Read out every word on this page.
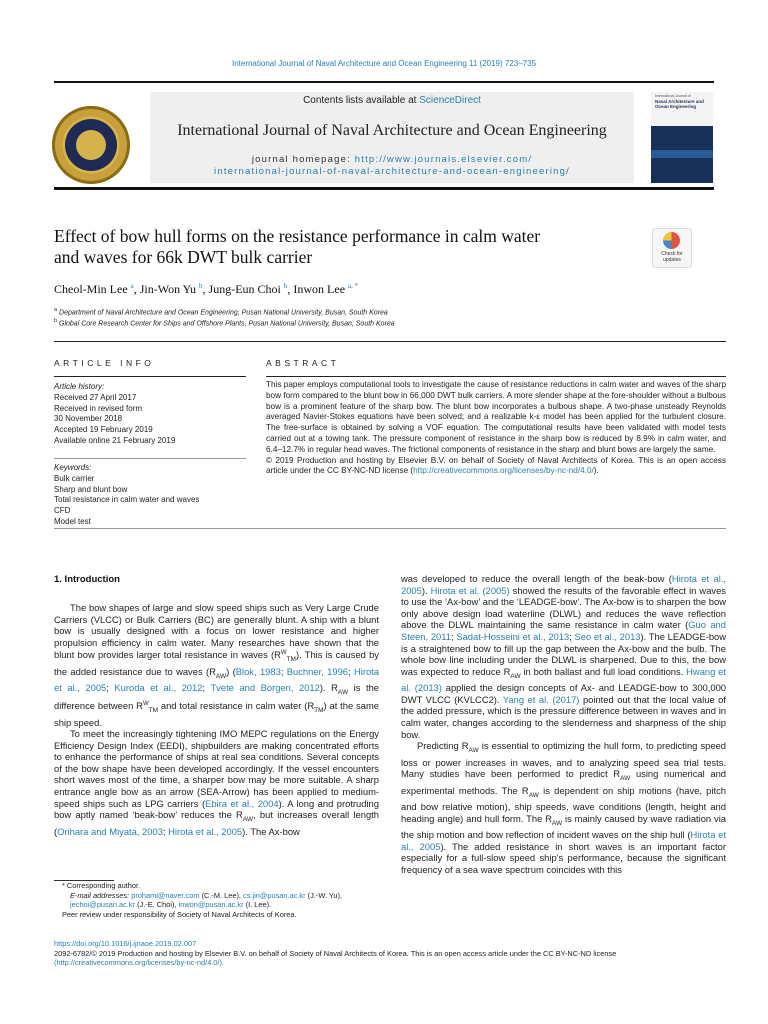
International Journal of Naval Architecture and Ocean Engineering 11 (2019) 723–735
Contents lists available at ScienceDirect
International Journal of Naval Architecture and Ocean Engineering
journal homepage: http://www.journals.elsevier.com/
international-journal-of-naval-architecture-and-ocean-engineering/
International Journal of
Naval Architecture and Ocean Engineering
Effect of bow hull forms on the resistance performance in calm water
and waves for 66k DWT bulk carrier	Check for
updates
Cheol-Min Lee $^a$, Jin-Won Yu $^b$, Jung-Eun Choi $^b$, Inwon Lee $^{a, *}$
$^a$ Department of Naval Architecture and Ocean Engineering, Pusan National University, Busan, South Korea
$^b$ Global Core Research Center for Ships and Offshore Plants, Pusan National University, Busan, South Korea
ARTICLE INFO
Article history:
Received 27 April 2017
Received in revised form
30 November 2018
Accepted 19 February 2019
Available online 21 February 2019
Keywords:
Bulk carrier
Sharp and blunt bow
Total resistance in calm water and waves
CFD
Model test
ABSTRACT
This paper employs computational tools to investigate the cause of resistance reductions in calm water and waves of the sharp bow form compared to the blunt bow in 66,000 DWT bulk carriers. A more slender shape at the fore-shoulder without a bulbous bow is a prominent feature of the sharp bow. The blunt bow incorporates a bulbous shape. A two-phase unsteady Reynolds averaged Navier-Stokes equations have been solved; and a realizable k-ε model has been applied for the turbulent closure. The free-surface is obtained by solving a VOF equation. The computational results have been validated with model tests carried out at a towing tank. The pressure component of resistance in the sharp bow is reduced by 8.9% in calm water, and 6.4–12.7% in regular head waves. The frictional components of resistance in the sharp and blunt bows are largely the same.
© 2019 Production and hosting by Elsevier B.V. on behalf of Society of Naval Architects of Korea. This is an open access article under the CC BY-NC-ND license (http://creativecommons.org/licenses/by-nc-nd/4.0/).
1. Introduction

The bow shapes of large and slow speed ships such as Very Large Crude Carriers (VLCC) or Bulk Carriers (BC) are generally blunt. A ship with a blunt bow is usually designed with a focus on lower resistance and higher propulsion efficiency in calm water. Many researches have shown that the blunt bow provides larger total resistance in waves $(R^W_{TM})$. This is caused by the added resistance due to waves $(R_{AW})$ (Blok, 1983; Buchner, 1996; Hirota et al., 2005; Kuroda et al., 2012; Tvete and Borgen, 2012). $R_{AW}$ is the difference between $R^W_{TM}$ and total resistance in calm water $(R_{TM})$ at the same ship speed.

To meet the increasingly tightening IMO MEPC regulations on the Energy Efficiency Design Index (EEDI), shipbuilders are making concentrated efforts to enhance the performance of ships at real sea conditions. Several concepts of the bow shape have been developed accordingly. If the vessel encounters short waves most of the time, a sharper bow may be more suitable. A sharp entrance angle bow as an arrow (SEA-Arrow) has been applied to medium-speed ships such as LPG carriers (Ebira et al., 2004). A long and protruding bow aptly named ‘beak-bow’ reduces the $R_{AW}$, but increases overall length (Orihara and Miyata, 2003; Hirota et al., 2005). The Ax-bow

was developed to reduce the overall length of the beak-bow (Hirota et al., 2005). Hirota et al. (2005) showed the results of the favorable effect in waves to use the ‘Ax-bow’ and the ‘LEADGE-bow’. The Ax-bow is to sharpen the bow only above design load waterline (DLWL) and reduces the wave reflection above the DLWL maintaining the same resistance in calm water (Guo and Steen, 2011; Sadat-Hosseini et al., 2013; Seo et al., 2013). The LEADGE-bow is a straightened bow to fill up the gap between the Ax-bow and the bulb. The whole bow line including under the DLWL is sharpened. Due to this, the bow was expected to reduce $R_{AW}$ in both ballast and full load conditions. Hwang et al. (2013) applied the design concepts of Ax- and LEADGE-bow to 300,000 DWT VLCC (KVLCC2). Yang et al. (2017) pointed out that the local value of the added pressure, which is the pressure difference between in waves and in calm water, changes according to the slenderness and sharpness of the ship bow.

Predicting $R_{AW}$ is essential to optimizing the hull form, to predicting speed loss or power increases in waves, and to analyzing speed sea trial tests. Many studies have been performed to predict $R_{AW}$ using numerical and experimental methods. The $R_{AW}$ is dependent on ship motions (have, pitch and bow relative motion), ship speeds, wave conditions (length, height and heading angle) and hull form. The $R_{AW}$ is mainly caused by wave radiation via the ship motion and bow reflection of incident waves on the ship hull (Hirota et al., 2005). The added resistance in short waves is an important factor especially for a full-slow speed ship's performance, because the significant frequency of a sea wave spectrum coincides with this

* Corresponding author.
E-mail addresses: prohami@naver.com (C.-M. Lee), cs.jin@pusan.ac.kr (J.-W. Yu),
jechoi@pusan.ac.kr (J.-E. Choi), inwon@pusan.ac.kr (I. Lee).
Peer review under responsibility of Society of Naval Architects of Korea.
https://doi.org/10.1016/j.ijnaoe.2019.02.007
2092-6782/© 2019 Production and hosting by Elsevier B.V. on behalf of Society of Naval Architects of Korea. This is an open access article under the CC BY-NC-ND license
(http://creativecommons.org/licenses/by-nc-nd/4.0/).
